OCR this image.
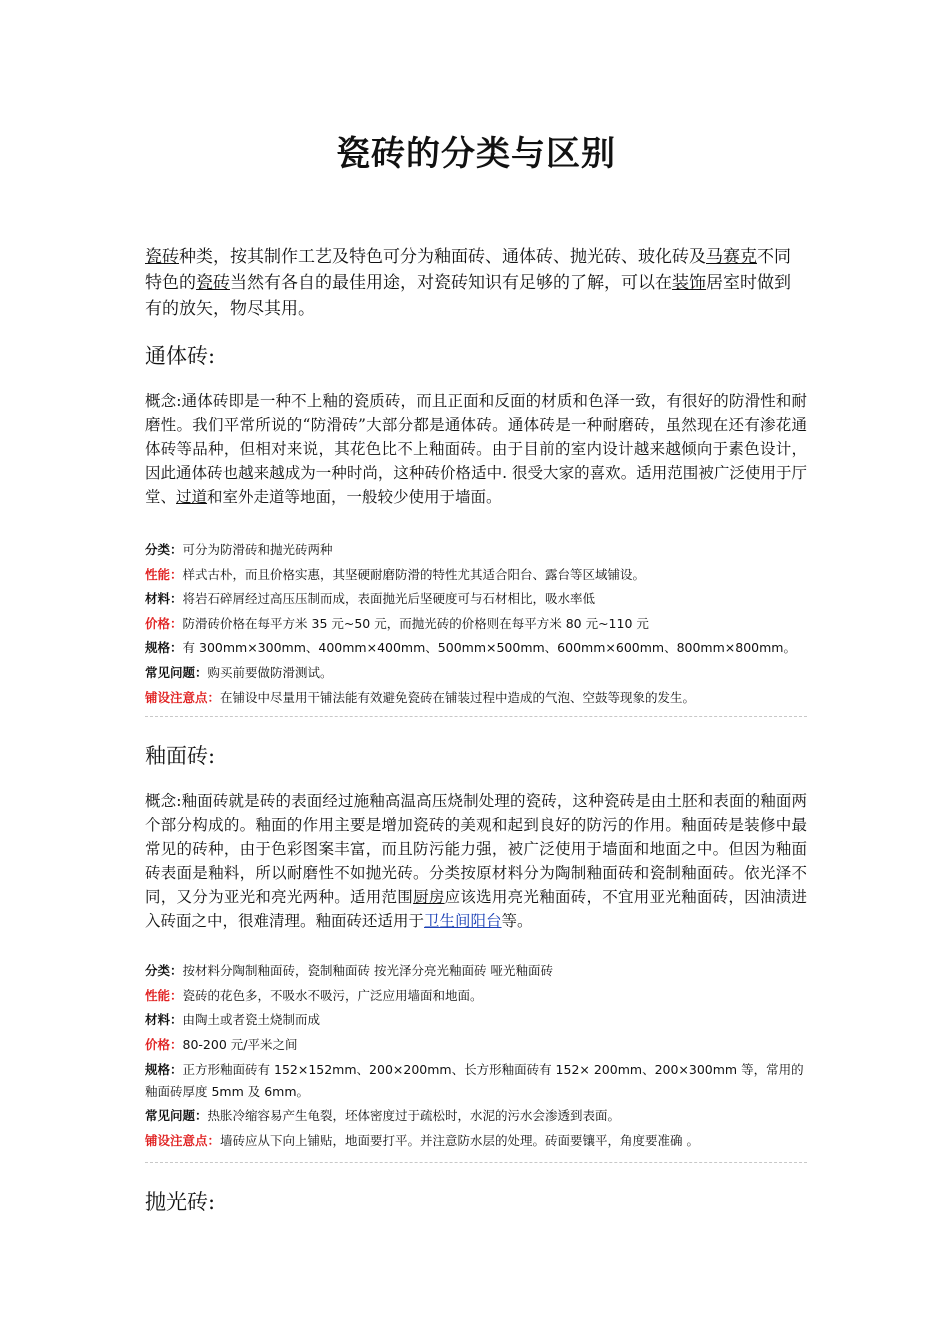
瓷砖的分类与区别

瓷砖种类，按其制作工艺及特色可分为釉面砖、通体砖、抛光砖、玻化砖及马赛克不同特色的瓷砖当然有各自的最佳用途，对瓷砖知识有足够的了解，可以在装饰居室时做到有的放矢，物尽其用。

通体砖:

概念:通体砖即是一种不上釉的瓷质砖，而且正面和反面的材质和色泽一致，有很好的防滑性和耐磨性。我们平常所说的“防滑砖”大部分都是通体砖。通体砖是一种耐磨砖，虽然现在还有渗花通体砖等品种，但相对来说，其花色比不上釉面砖。由于目前的室内设计越来越倾向于素色设计，因此通体砖也越来越成为一种时尚，这种砖价格适中. 很受大家的喜欢。适用范围被广泛使用于厅堂、过道和室外走道等地面，一般较少使用于墙面。

分类：可分为防滑砖和抛光砖两种
性能：样式古朴，而且价格实惠，其坚硬耐磨防滑的特性尤其适合阳台、露台等区域铺设。
材料：将岩石碎屑经过高压压制而成，表面抛光后坚硬度可与石材相比，吸水率低
价格：防滑砖价格在每平方米 35 元~50 元，而抛光砖的价格则在每平方米 80 元~110 元
规格：有 300mm×300mm、400mm×400mm、500mm×500mm、600mm×600mm、800mm×800mm。
常见问题：购买前要做防滑测试。
铺设注意点：在铺设中尽量用干铺法能有效避免瓷砖在铺装过程中造成的气泡、空鼓等现象的发生。
釉面砖:

概念:釉面砖就是砖的表面经过施釉高温高压烧制处理的瓷砖，这种瓷砖是由土胚和表面的釉面两个部分构成的。釉面的作用主要是增加瓷砖的美观和起到良好的防污的作用。釉面砖是装修中最常见的砖种，由于色彩图案丰富，而且防污能力强，被广泛使用于墙面和地面之中。但因为釉面砖表面是釉料，所以耐磨性不如抛光砖。分类按原材料分为陶制釉面砖和瓷制釉面砖。依光泽不同，又分为亚光和亮光两种。适用范围厨房应该选用亮光釉面砖，不宜用亚光釉面砖，因油渍进入砖面之中，很难清理。釉面砖还适用于卫生间阳台等。

分类：按材料分陶制釉面砖，瓷制釉面砖 按光泽分亮光釉面砖 哑光釉面砖
性能：瓷砖的花色多，不吸水不吸污，广泛应用墙面和地面。
材料：由陶土或者瓷土烧制而成
价格：80-200 元/平米之间
规格：正方形釉面砖有 152×152mm、200×200mm、长方形釉面砖有 152× 200mm、200×300mm 等，常用的釉面砖厚度 5mm 及 6mm。
常见问题：热胀冷缩容易产生龟裂，坯体密度过于疏松时，水泥的污水会渗透到表面。
铺设注意点：墙砖应从下向上铺贴，地面要打平。并注意防水层的处理。砖面要镶平，角度要准确 。
抛光砖:
